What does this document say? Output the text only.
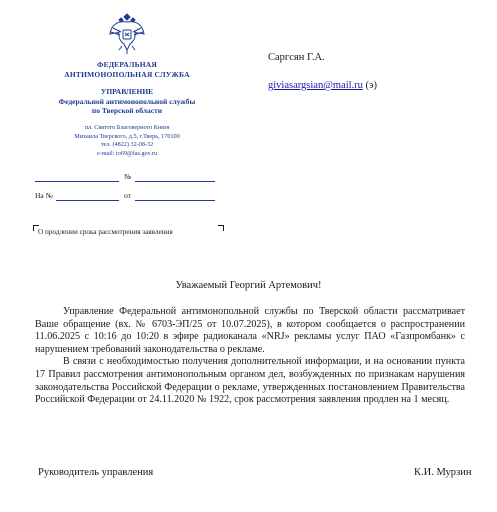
ФЕДЕРАЛЬНАЯ
АНТИМОНОПОЛЬНАЯ СЛУЖБА
УПРАВЛЕНИЕ
Федеральной антимонопольной службы
по Тверской области
пл. Святого Благоверного Князя
Михаила Тверского, д.5, г.Тверь, 170100
тел. (4822) 32-08-32
e-mail: to69@fas.gov.ru
№
На №	от
О продлении срока рассмотрения заявления
Саргсян Г.А.
givia​sargsian@mail.ru (э)
Уважаемый Георгий Артемович!

Управление Федеральной антимонопольной службы по Тверской области рассматривает Ваше обращение (вх. № 6703-ЭП/25 от 10.07.2025), в котором сообщается о распространении 11.06.2025 с 10:16 до 10:20 в эфире радиоканала «NRJ» рекламы услуг ПАО «Газпромбанк» с нарушением требований законодательства о рекламе.

В связи с необходимостью получения дополнительной информации, и на основании пункта 17 Правил рассмотрения антимонопольным органом дел, возбужденных по признакам нарушения законодательства Российской Федерации о рекламе, утвержденных постановлением Правительства Российской Федерации от 24.11.2020 № 1922, срок рассмотрения заявления продлен на 1 месяц.

Руководитель управления	К.И. Мурзин
